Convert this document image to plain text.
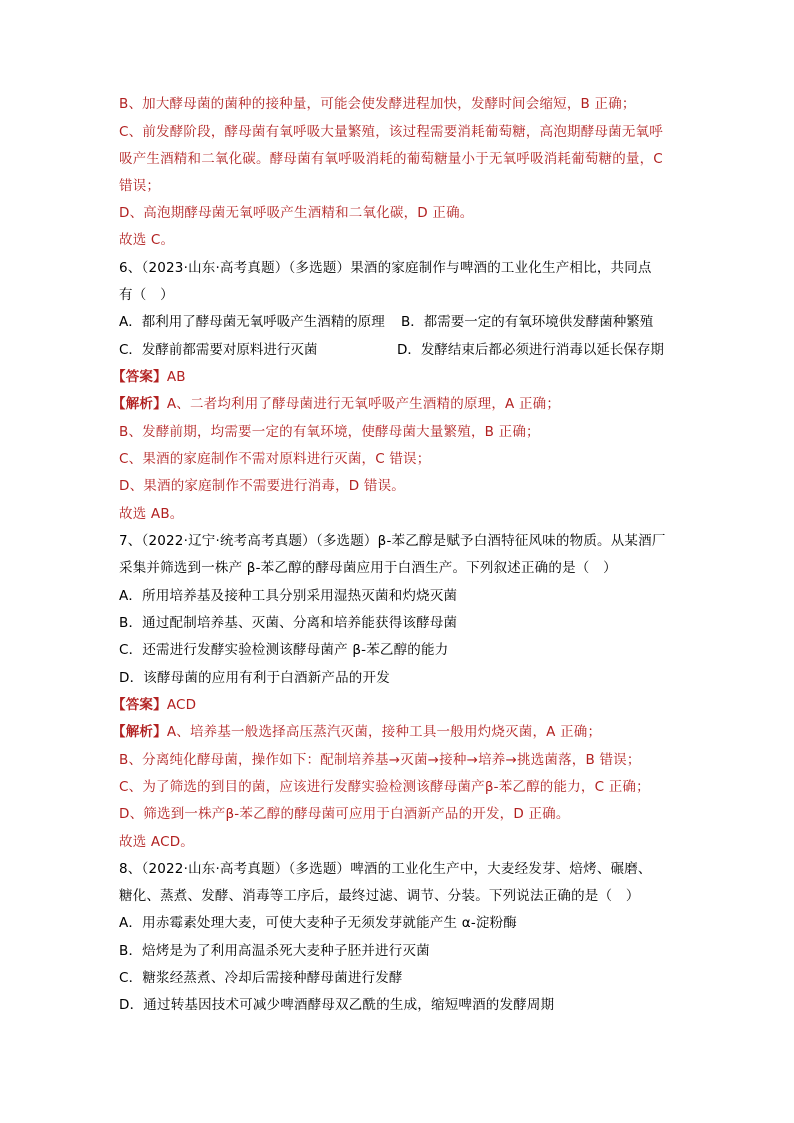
B、加大酵母菌的菌种的接种量，可能会使发酵进程加快，发酵时间会缩短，B 正确；
C、前发酵阶段，酵母菌有氧呼吸大量繁殖，该过程需要消耗葡萄糖，高泡期酵母菌无氧呼
吸产生酒精和二氧化碳。酵母菌有氧呼吸消耗的葡萄糖量小于无氧呼吸消耗葡萄糖的量，C
错误；
D、高泡期酵母菌无氧呼吸产生酒精和二氧化碳，D 正确。
故选 C。
6、（2023·山东·高考真题）（多选题）果酒的家庭制作与啤酒的工业化生产相比，共同点
有（　）
A．都利用了酵母菌无氧呼吸产生酒精的原理 B．都需要一定的有氧环境供发酵菌种繁殖
C．发酵前都需要对原料进行灭菌	D．发酵结束后都必须进行消毒以延长保存期
【答案】AB
【解析】A、二者均利用了酵母菌进行无氧呼吸产生酒精的原理，A 正确；
B、发酵前期，均需要一定的有氧环境，使酵母菌大量繁殖，B 正确；
C、果酒的家庭制作不需对原料进行灭菌，C 错误；
D、果酒的家庭制作不需要进行消毒，D 错误。
故选 AB。
7、（2022·辽宁·统考高考真题）（多选题）β-苯乙醇是赋予白酒特征风味的物质。从某酒厂
采集并筛选到一株产 β-苯乙醇的酵母菌应用于白酒生产。下列叙述正确的是（　）
A．所用培养基及接种工具分别采用湿热灭菌和灼烧灭菌
B．通过配制培养基、灭菌、分离和培养能获得该酵母菌
C．还需进行发酵实验检测该酵母菌产 β-苯乙醇的能力
D．该酵母菌的应用有利于白酒新产品的开发
【答案】ACD
【解析】A、培养基一般选择高压蒸汽灭菌，接种工具一般用灼烧灭菌，A 正确；
B、分离纯化酵母菌，操作如下：配制培养基→灭菌→接种→培养→挑选菌落，B 错误；
C、为了筛选的到目的菌，应该进行发酵实验检测该酵母菌产β-苯乙醇的能力，C 正确；
D、筛选到一株产β-苯乙醇的酵母菌可应用于白酒新产品的开发，D 正确。
故选 ACD。
8、（2022·山东·高考真题）（多选题）啤酒的工业化生产中，大麦经发芽、焙烤、碾磨、
糖化、蒸煮、发酵、消毒等工序后，最终过滤、调节、分装。下列说法正确的是（　）
A．用赤霉素处理大麦，可使大麦种子无须发芽就能产生 α-淀粉酶
B．焙烤是为了利用高温杀死大麦种子胚并进行灭菌
C．糖浆经蒸煮、冷却后需接种酵母菌进行发酵
D．通过转基因技术可减少啤酒酵母双乙酰的生成，缩短啤酒的发酵周期
